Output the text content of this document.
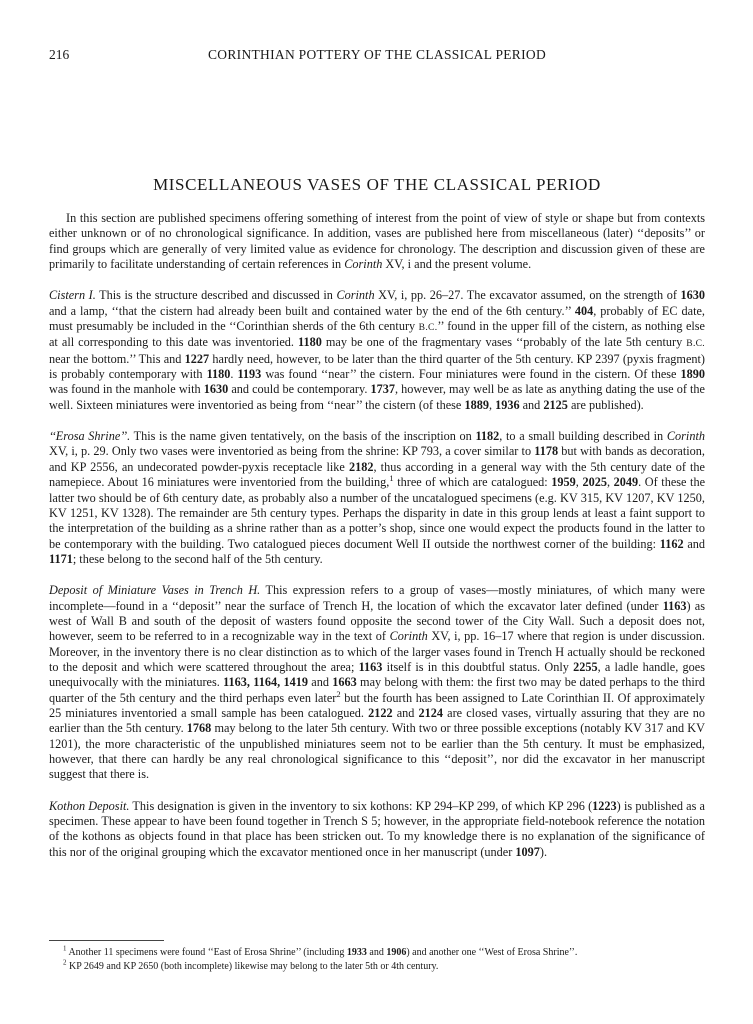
216	CORINTHIAN POTTERY OF THE CLASSICAL PERIOD
MISCELLANEOUS VASES OF THE CLASSICAL PERIOD

In this section are published specimens offering something of interest from the point of view of style or shape but from contexts either unknown or of no chronological significance. In addition, vases are published here from miscellaneous (later) ‘‘deposits’’ or find groups which are generally of very limited value as evidence for chronology. The description and discussion given of these are primarily to facilitate understanding of certain references in Corinth XV, i and the present volume.

Cistern I. This is the structure described and discussed in Corinth XV, i, pp. 26–27. The excavator assumed, on the strength of 1630 and a lamp, ‘‘that the cistern had already been built and contained water by the end of the 6th century.’’ 404, probably of EC date, must presumably be included in the ‘‘Corinthian sherds of the 6th century B.C.’’ found in the upper fill of the cistern, as nothing else at all corresponding to this date was inventoried. 1180 may be one of the fragmentary vases ‘‘probably of the late 5th century B.C. near the bottom.’’ This and 1227 hardly need, however, to be later than the third quarter of the 5th century. KP 2397 (pyxis fragment) is probably contemporary with 1180. 1193 was found ‘‘near’’ the cistern. Four miniatures were found in the cistern. Of these 1890 was found in the manhole with 1630 and could be contemporary. 1737, however, may well be as late as anything dating the use of the well. Sixteen miniatures were inventoried as being from ‘‘near’’ the cistern (of these 1889, 1936 and 2125 are published).

‘‘Erosa Shrine’’. This is the name given tentatively, on the basis of the inscription on 1182, to a small building described in Corinth XV, i, p. 29. Only two vases were inventoried as being from the shrine: KP 793, a cover similar to 1178 but with bands as decoration, and KP 2556, an undecorated powder-pyxis receptacle like 2182, thus according in a general way with the 5th century date of the namepiece. About 16 miniatures were inventoried from the building,$^1$ three of which are catalogued: 1959, 2025, 2049. Of these the latter two should be of 6th century date, as probably also a number of the uncatalogued specimens (e.g. KV 315, KV 1207, KV 1250, KV 1251, KV 1328). The remainder are 5th century types. Perhaps the disparity in date in this group lends at least a faint support to the interpretation of the building as a shrine rather than as a potter’s shop, since one would expect the products found in the latter to be contemporary with the building. Two catalogued pieces document Well II outside the northwest corner of the building: 1162 and 1171; these belong to the second half of the 5th century.

Deposit of Miniature Vases in Trench H. This expression refers to a group of vases—mostly miniatures, of which many were incomplete—found in a ‘‘deposit’’ near the surface of Trench H, the location of which the excavator later defined (under 1163) as west of Wall B and south of the deposit of wasters found opposite the second tower of the City Wall. Such a deposit does not, however, seem to be referred to in a recognizable way in the text of Corinth XV, i, pp. 16–17 where that region is under discussion. Moreover, in the inventory there is no clear distinction as to which of the larger vases found in Trench H actually should be reckoned to the deposit and which were scattered throughout the area; 1163 itself is in this doubtful status. Only 2255, a ladle handle, goes unequivocally with the miniatures. 1163, 1164, 1419 and 1663 may belong with them: the first two may be dated perhaps to the third quarter of the 5th century and the third perhaps even later$^2$ but the fourth has been assigned to Late Corinthian II. Of approximately 25 miniatures inventoried a small sample has been catalogued. 2122 and 2124 are closed vases, virtually assuring that they are no earlier than the 5th century. 1768 may belong to the later 5th century. With two or three possible exceptions (notably KV 317 and KV 1201), the more characteristic of the unpublished miniatures seem not to be earlier than the 5th century. It must be emphasized, however, that there can hardly be any real chronological significance to this ‘‘deposit’’, nor did the excavator in her manuscript suggest that there is.

Kothon Deposit. This designation is given in the inventory to six kothons: KP 294–KP 299, of which KP 296 (1223) is published as a specimen. These appear to have been found together in Trench S 5; however, in the appropriate field-notebook reference the notation of the kothons as objects found in that place has been stricken out. To my knowledge there is no explanation of the significance of this nor of the original grouping which the excavator mentioned once in her manuscript (under 1097).

$^1$ Another 11 specimens were found ‘‘East of Erosa Shrine’’ (including 1933 and 1906) and another one ‘‘West of Erosa Shrine’’.
$^2$ KP 2649 and KP 2650 (both incomplete) likewise may belong to the later 5th or 4th century.
